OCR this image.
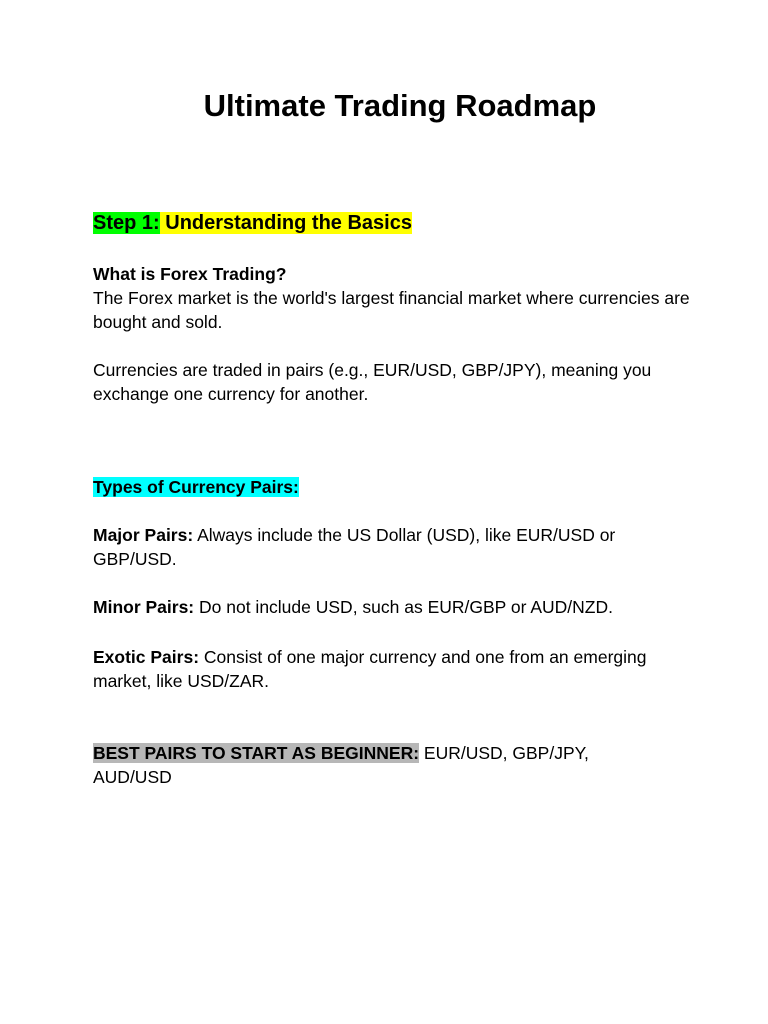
Ultimate Trading Roadmap

Step 1: Understanding the Basics

What is Forex Trading?

The Forex market is the world's largest financial market where currencies are bought and sold.

Currencies are traded in pairs (e.g., EUR/USD, GBP/JPY), meaning you exchange one currency for another.

Types of Currency Pairs:

Major Pairs: Always include the US Dollar (USD), like EUR/USD or GBP/USD.

Minor Pairs: Do not include USD, such as EUR/GBP or AUD/NZD.

Exotic Pairs: Consist of one major currency and one from an emerging market, like USD/ZAR.

BEST PAIRS TO START AS BEGINNER: EUR/USD, GBP/JPY, AUD/USD
